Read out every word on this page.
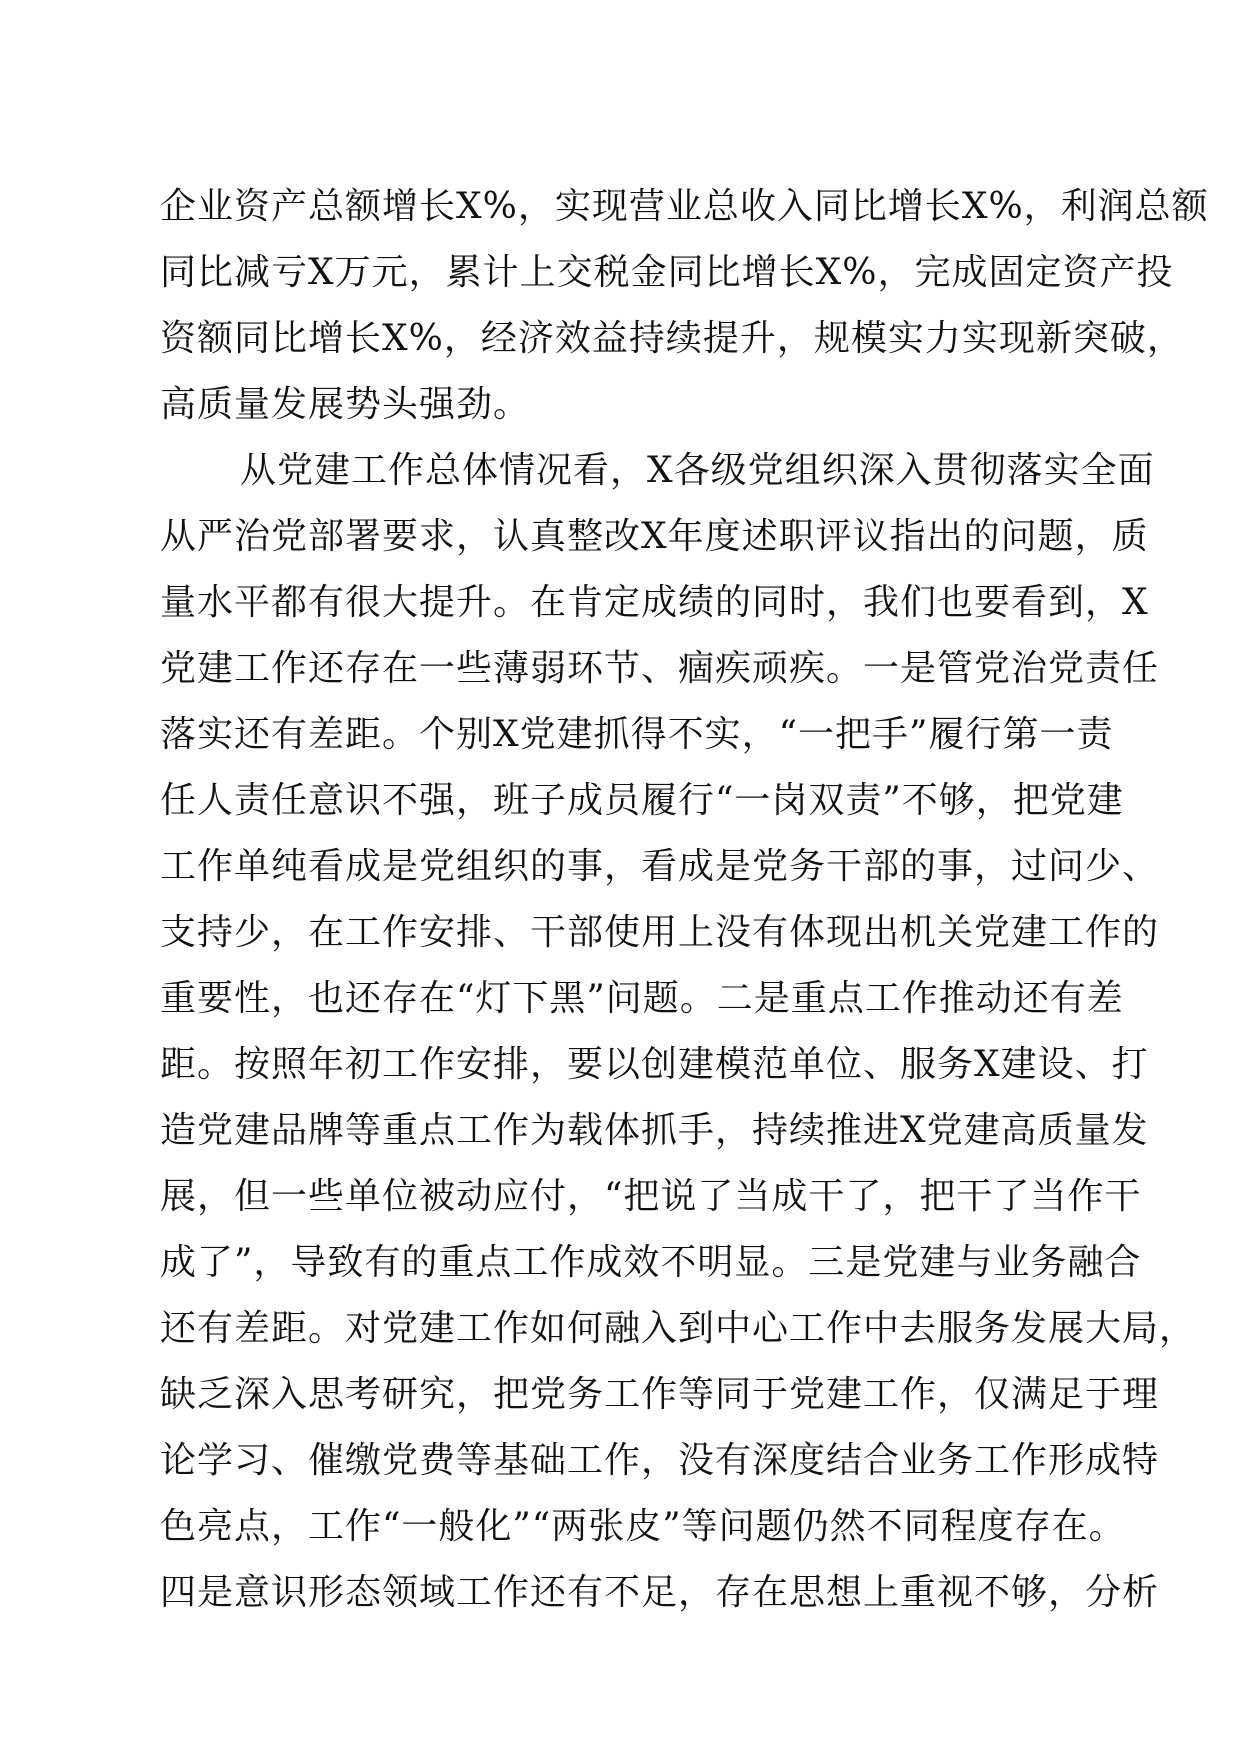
企业资产总额增长X%，实现营业总收入同比增长X%，利润总额
同比减亏X万元，累计上交税金同比增长X%，完成固定资产投
资额同比增长X%，经济效益持续提升，规模实力实现新突破，
高质量发展势头强劲。
从党建工作总体情况看，X各级党组织深入贯彻落实全面
从严治党部署要求，认真整改X年度述职评议指出的问题，质
量水平都有很大提升。在肯定成绩的同时，我们也要看到，X
党建工作还存在一些薄弱环节、痼疾顽疾。一是管党治党责任
落实还有差距。个别X党建抓得不实，“一把手”履行第一责
任人责任意识不强，班子成员履行“一岗双责”不够，把党建
工作单纯看成是党组织的事，看成是党务干部的事，过问少、
支持少，在工作安排、干部使用上没有体现出机关党建工作的
重要性，也还存在“灯下黑”问题。二是重点工作推动还有差
距。按照年初工作安排，要以创建模范单位、服务X建设、打
造党建品牌等重点工作为载体抓手，持续推进X党建高质量发
展，但一些单位被动应付，“把说了当成干了，把干了当作干
成了”，导致有的重点工作成效不明显。三是党建与业务融合
还有差距。对党建工作如何融入到中心工作中去服务发展大局，
缺乏深入思考研究，把党务工作等同于党建工作，仅满足于理
论学习、催缴党费等基础工作，没有深度结合业务工作形成特
色亮点，工作“一般化”“两张皮”等问题仍然不同程度存在。
四是意识形态领域工作还有不足，存在思想上重视不够，分析
